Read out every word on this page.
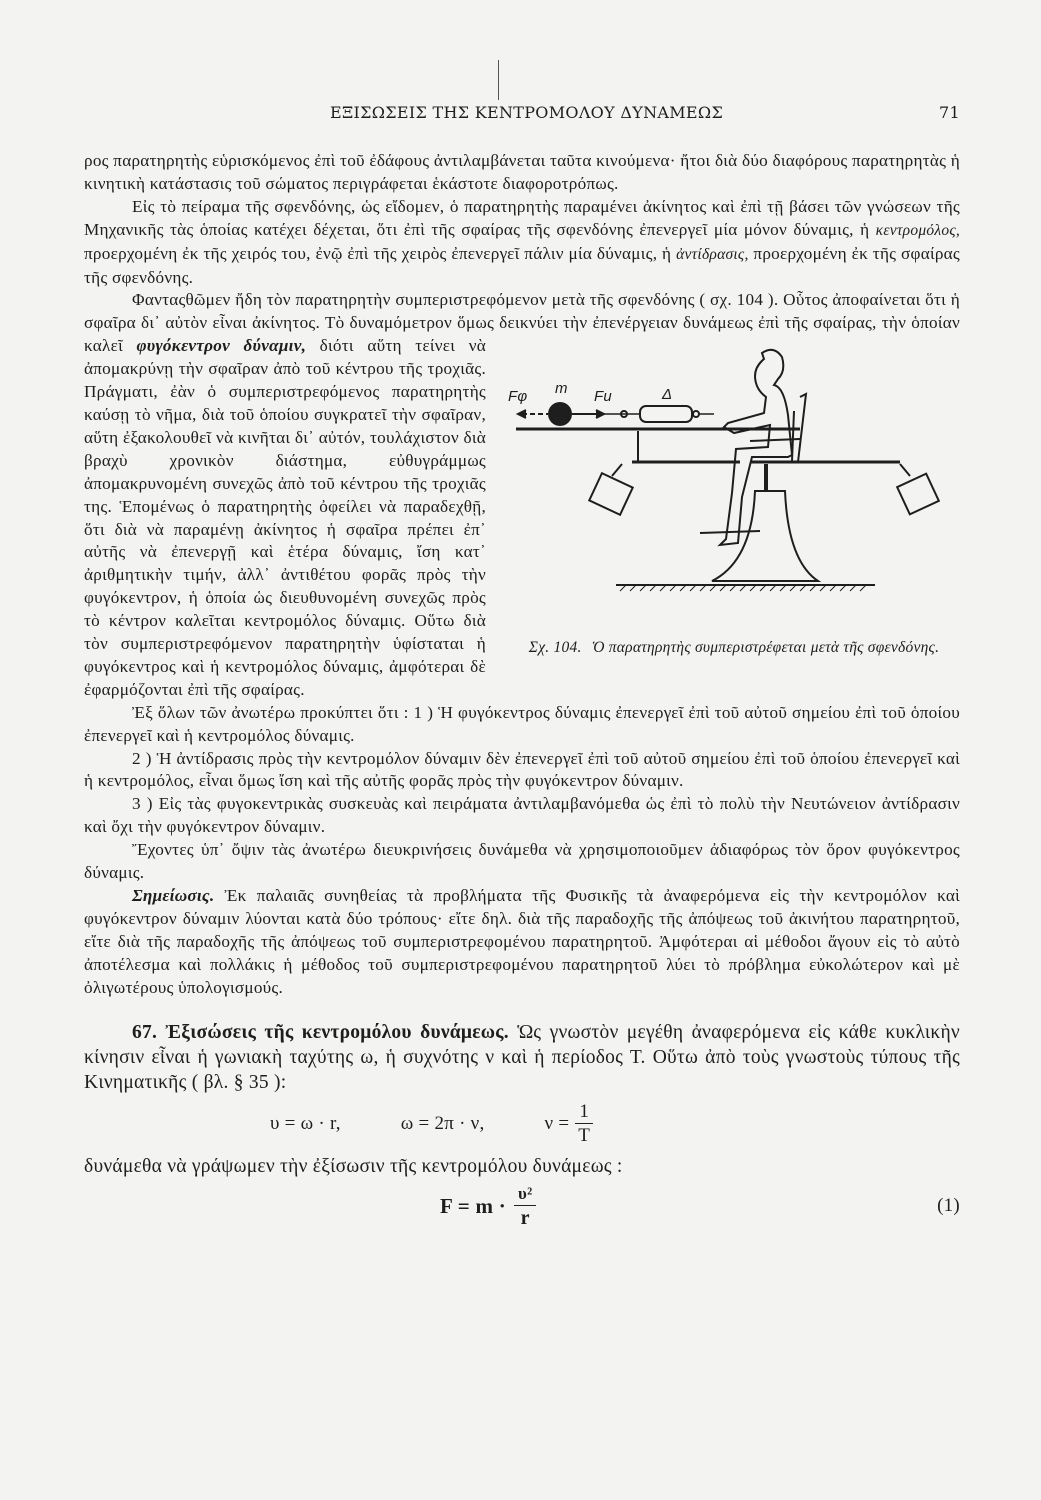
ΕΞΙΣΩΣΕΙΣ ΤΗΣ ΚΕΝΤΡΟΜΟΛΟΥ ΔΥΝΑΜΕΩΣ	71

ρος παρατηρητὴς εὑρισκόμενος ἐπὶ τοῦ ἐδάφους ἀντιλαμβάνεται ταῦτα κινούμενα· ἤτοι διὰ δύο διαφόρους παρατηρητὰς ἡ κινητικὴ κατάστασις τοῦ σώματος περιγράφεται ἑκάστοτε διαφοροτρόπως.

Εἰς τὸ πείραμα τῆς σφενδόνης, ὡς εἴδομεν, ὁ παρατηρητὴς παραμένει ἀκίνητος καὶ ἐπὶ τῇ βάσει τῶν γνώσεων τῆς Μηχανικῆς τὰς ὁποίας κατέχει δέχεται, ὅτι ἐπὶ τῆς σφαίρας τῆς σφενδόνης ἐπενεργεῖ μία μόνον δύναμις, ἡ κεντρομόλος, προερχομένη ἐκ τῆς χειρός του, ἐνῷ ἐπὶ τῆς χειρὸς ἐπενεργεῖ πάλιν μία δύναμις, ἡ ἀντίδρασις, προερχομένη ἐκ τῆς σφαίρας τῆς σφενδόνης.

Φανταςθῶμεν ἤδη τὸν παρατηρητὴν συμπεριστρεφόμενον μετὰ τῆς σφενδόνης ( σχ. 104 ). Οὗτος ἀποφαίνεται ὅτι ἡ σφαῖρα δι᾽ αὐτὸν εἶναι ἀκίνητος. Τὸ δυναμόμετρον ὅμως δεικνύει τὴν
Fφ m Fu	Δ
Σχ. 104. Ὁ παρατηρητὴς συμπεριστρέφεται μετὰ τῆς σφενδόνης.
ἐπενέργειαν δυνάμεως ἐπὶ τῆς σφαίρας, τὴν ὁποίαν καλεῖ φυγόκεντρον δύναμιν, διότι αὕτη τείνει νὰ ἀπομακρύνῃ τὴν σφαῖραν ἀπὸ τοῦ κέντρου τῆς τροχιᾶς. Πράγματι, ἐὰν ὁ συμπεριστρεφόμενος παρατηρητὴς καύσῃ τὸ νῆμα, διὰ τοῦ ὁποίου συγκρατεῖ τὴν σφαῖραν, αὕτη ἐξακολουθεῖ νὰ κινῆται δι᾽ αὐτόν, τουλάχιστον διὰ βραχὺ χρονικὸν διάστημα, εὐθυγράμμως ἀπομακρυνομένη συνεχῶς ἀπὸ τοῦ κέντρου τῆς τροχιᾶς της. Ἑπομένως ὁ παρατηρητὴς ὀφείλει νὰ παραδεχθῇ, ὅτι διὰ νὰ παραμένῃ ἀκίνητος ἡ σφαῖρα πρέπει ἐπ᾽ αὐτῆς νὰ ἐπενεργῇ καὶ ἑτέρα δύναμις, ἴση κατ᾽ ἀριθμητικὴν τιμήν, ἀλλ᾽ ἀντιθέτου φορᾶς πρὸς τὴν φυγόκεντρον, ἡ ὁποία ὡς διευθυνομένη συνεχῶς πρὸς τὸ κέντρον καλεῖται κεντρομόλος δύναμις. Οὕτω διὰ τὸν συμπεριστρεφόμενον παρατηρητὴν ὑφίσταται ἡ φυγόκεντρος καὶ ἡ κεντρομόλος δύναμις, ἀμφότεραι δὲ ἐφαρμόζονται ἐπὶ τῆς σφαίρας.

Ἐξ ὅλων τῶν ἀνωτέρω προκύπτει ὅτι : 1 ) Ἡ φυγόκεντρος δύναμις ἐπενεργεῖ ἐπὶ τοῦ αὐτοῦ σημείου ἐπὶ τοῦ ὁποίου ἐπενεργεῖ καὶ ἡ κεντρομόλος δύναμις.

2 ) Ἡ ἀντίδρασις πρὸς τὴν κεντρομόλον δύναμιν δὲν ἐπενεργεῖ ἐπὶ τοῦ αὐτοῦ σημείου ἐπὶ τοῦ ὁποίου ἐπενεργεῖ καὶ ἡ κεντρομόλος, εἶναι ὅμως ἴση καὶ τῆς αὐτῆς φορᾶς πρὸς τὴν φυγόκεντρον δύναμιν.

3 ) Εἰς τὰς φυγοκεντρικὰς συσκευὰς καὶ πειράματα ἀντιλαμβανόμεθα ὡς ἐπὶ τὸ πολὺ τὴν Νευτώνειον ἀντίδρασιν καὶ ὄχι τὴν φυγόκεντρον δύναμιν.

Ἔχοντες ὑπ᾽ ὄψιν τὰς ἀνωτέρω διευκρινήσεις δυνάμεθα νὰ χρησιμοποιοῦμεν ἀδιαφόρως τὸν ὅρον φυγόκεντρος δύναμις.

Σημείωσις. Ἐκ παλαιᾶς συνηθείας τὰ προβλήματα τῆς Φυσικῆς τὰ ἀναφερόμενα εἰς τὴν κεντρομόλον καὶ φυγόκεντρον δύναμιν λύονται κατὰ δύο τρόπους· εἴτε δηλ. διὰ τῆς παραδοχῆς τῆς ἀπόψεως τοῦ ἀκινήτου παρατηρητοῦ, εἴτε διὰ τῆς παραδοχῆς τῆς ἀπόψεως τοῦ συμπεριστρεφομένου παρατηρητοῦ. Ἀμφότεραι αἱ μέθοδοι ἄγουν εἰς τὸ αὐτὸ ἀποτέλεσμα καὶ πολλάκις ἡ μέθοδος τοῦ συμπεριστρεφομένου παρατηρητοῦ λύει τὸ πρόβλημα εὐκολώτερον καὶ μὲ ὀλιγωτέρους ὑπολογισμούς.

67. Ἐξισώσεις τῆς κεντρομόλου δυνάμεως. Ὡς γνωστὸν μεγέθη ἀναφερόμενα εἰς κάθε κυκλικὴν κίνησιν εἶναι ἡ γωνιακὴ ταχύτης ω, ἡ συχνότης ν καὶ ἡ περίοδος Τ. Οὕτω ἀπὸ τοὺς γνωστοὺς τύπους τῆς Κινηματικῆς ( βλ. § 35 ):

υ = ω · r,	ω = 2π · ν,	$\nu = \frac{1}{T}$
δυνάμεθα νὰ γράψωμεν τὴν ἐξίσωσιν τῆς κεντρομόλου δυνάμεως :
$F = m \cdot \frac{\text{υ²}}{r}$	(1)
